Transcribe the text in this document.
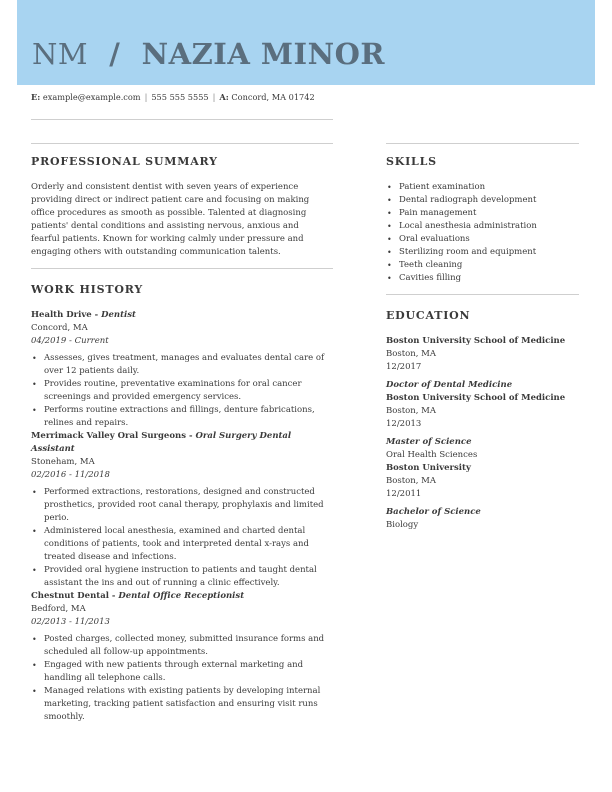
NM / NAZIA MINOR
E: example@example.com | 555 555 5555 | A: Concord, MA 01742
PROFESSIONAL SUMMARY

Orderly and consistent dentist with seven years of experience
providing direct or indirect patient care and focusing on making
office procedures as smooth as possible. Talented at diagnosing
patients' dental conditions and assisting nervous, anxious and
fearful patients. Known for working calmly under pressure and
engaging others with outstanding communication talents.

WORK HISTORY
Health Drive - Dentist
Concord, MA
04/2019 - Current
• Assesses, gives treatment, manages and evaluates dental care of
over 12 patients daily.
• Provides routine, preventative examinations for oral cancer
screenings and provided emergency services.
• Performs routine extractions and fillings, denture fabrications,
relines and repairs.
Merrimack Valley Oral Surgeons - Oral Surgery Dental
Assistant
Stoneham, MA
02/2016 - 11/2018
• Performed extractions, restorations, designed and constructed
prosthetics, provided root canal therapy, prophylaxis and limited
perio.
• Administered local anesthesia, examined and charted dental
conditions of patients, took and interpreted dental x-rays and
treated disease and infections.
• Provided oral hygiene instruction to patients and taught dental
assistant the ins and out of running a clinic effectively.
Chestnut Dental - Dental Office Receptionist
Bedford, MA
02/2013 - 11/2013
• Posted charges, collected money, submitted insurance forms and
scheduled all follow-up appointments.
• Engaged with new patients through external marketing and
handling all telephone calls.
• Managed relations with existing patients by developing internal
marketing, tracking patient satisfaction and ensuring visit runs
smoothly.
SKILLS
• Patient examination
• Dental radiograph development
• Pain management
• Local anesthesia administration
• Oral evaluations
• Sterilizing room and equipment
• Teeth cleaning
• Cavities filling
EDUCATION
Boston University School of Medicine
Boston, MA
12/2017
Doctor of Dental Medicine
Boston University School of Medicine
Boston, MA
12/2013
Master of Science
Oral Health Sciences
Boston University
Boston, MA
12/2011
Bachelor of Science
Biology
